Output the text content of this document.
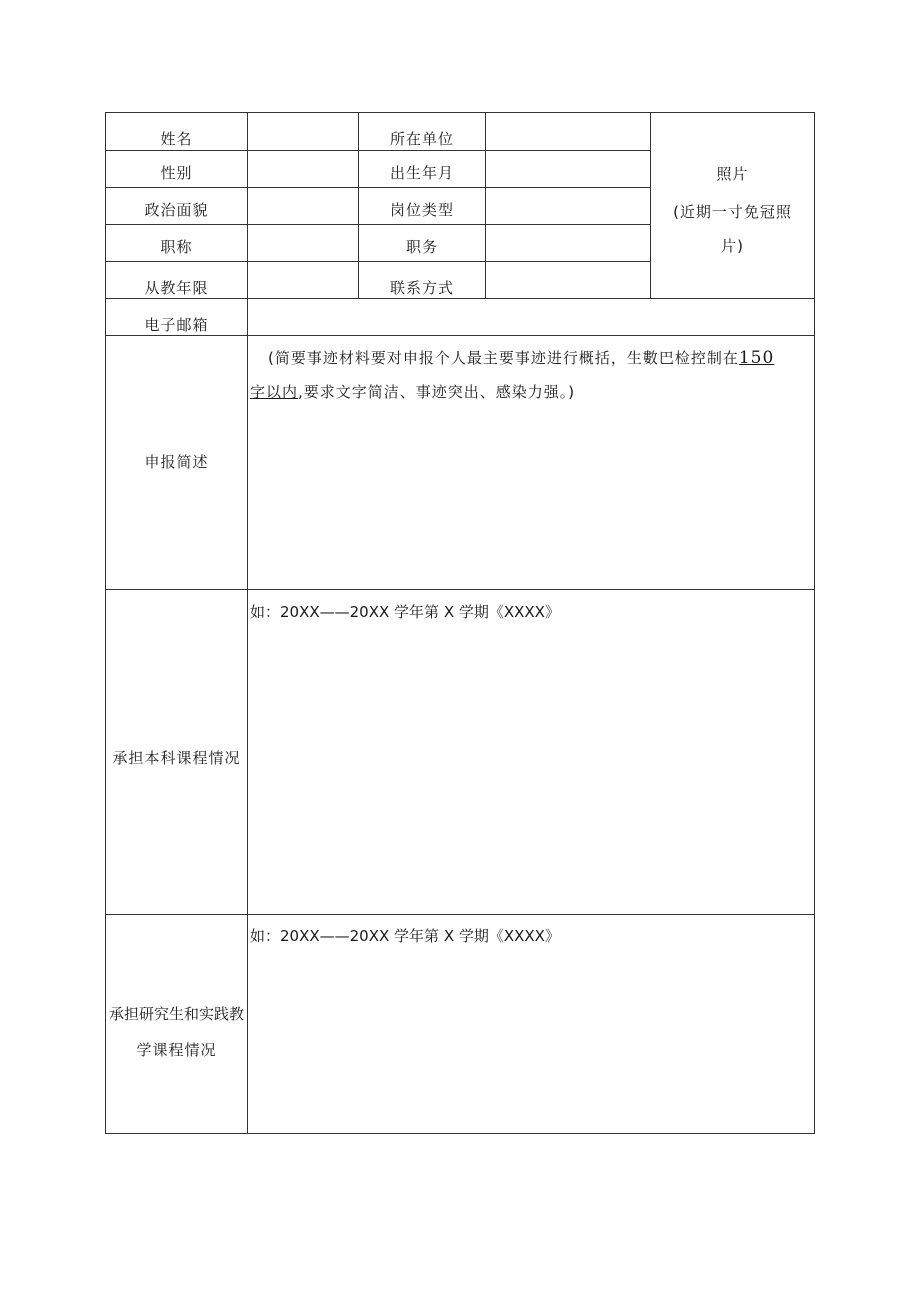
姓名
性别
政治面貌
职称
从教年限
电子邮箱
所在单位
出生年月
岗位类型
职务
联系方式
照片
(近期一寸免冠照
片)
申报简述
(简要事迹材料要对申报个人最主要事迹进行概括，生數巴检控制在150
字以内,要求文字简洁、事迹突出、感染力强。)
承担本科课程情况
如：20XX——20XX 学年第 X 学期《XXXX》
承担研究生和实践教
学课程情况
如：20XX——20XX 学年第 X 学期《XXXX》
